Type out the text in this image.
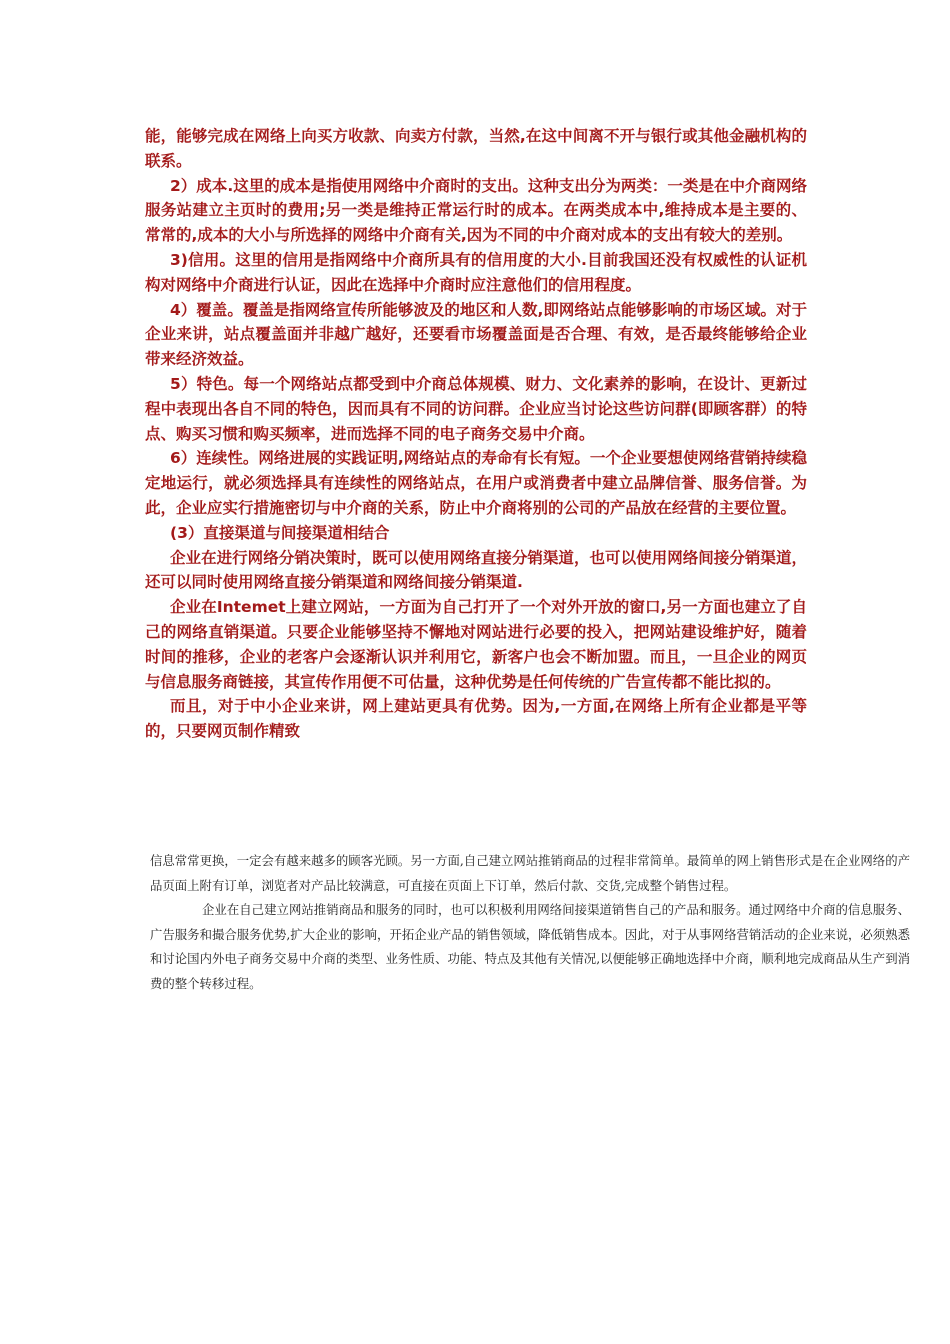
能，能够完成在网络上向买方收款、向卖方付款，当然,在这中间离不开与银行或其他金融机构的联系。

2）成本.这里的成本是指使用网络中介商时的支出。这种支出分为两类：一类是在中介商网络服务站建立主页时的费用;另一类是维持正常运行时的成本。在两类成本中,维持成本是主要的、常常的,成本的大小与所选择的网络中介商有关,因为不同的中介商对成本的支出有较大的差别。

3)信用。这里的信用是指网络中介商所具有的信用度的大小.目前我国还没有权威性的认证机构对网络中介商进行认证，因此在选择中介商时应注意他们的信用程度。

4）覆盖。覆盖是指网络宣传所能够波及的地区和人数,即网络站点能够影响的市场区域。对于企业来讲，站点覆盖面并非越广越好，还要看市场覆盖面是否合理、有效，是否最终能够给企业带来经济效益。

5）特色。每一个网络站点都受到中介商总体规模、财力、文化素养的影响，在设计、更新过程中表现出各自不同的特色，因而具有不同的访问群。企业应当讨论这些访问群(即顾客群）的特点、购买习惯和购买频率，进而选择不同的电子商务交易中介商。

6）连续性。网络进展的实践证明,网络站点的寿命有长有短。一个企业要想使网络营销持续稳定地运行，就必须选择具有连续性的网络站点，在用户或消费者中建立品牌信誉、服务信誉。为此，企业应实行措施密切与中介商的关系，防止中介商将别的公司的产品放在经营的主要位置。

(3）直接渠道与间接渠道相结合

企业在进行网络分销决策时，既可以使用网络直接分销渠道，也可以使用网络间接分销渠道，还可以同时使用网络直接分销渠道和网络间接分销渠道.

企业在Intemet上建立网站，一方面为自己打开了一个对外开放的窗口,另一方面也建立了自己的网络直销渠道。只要企业能够坚持不懈地对网站进行必要的投入，把网站建设维护好，随着时间的推移，企业的老客户会逐渐认识并利用它，新客户也会不断加盟。而且，一旦企业的网页与信息服务商链接，其宣传作用便不可估量，这种优势是任何传统的广告宣传都不能比拟的。

而且，对于中小企业来讲，网上建站更具有优势。因为,一方面,在网络上所有企业都是平等的，只要网页制作精致

信息常常更换，一定会有越来越多的顾客光顾。另一方面,自己建立网站推销商品的过程非常简单。最简单的网上销售形式是在企业网络的产品页面上附有订单，浏览者对产品比较满意，可直接在页面上下订单，然后付款、交货,完成整个销售过程。

企业在自己建立网站推销商品和服务的同时，也可以积极利用网络间接渠道销售自己的产品和服务。通过网络中介商的信息服务、广告服务和撮合服务优势,扩大企业的影响，开拓企业产品的销售领域，降低销售成本。因此，对于从事网络营销活动的企业来说，必须熟悉和讨论国内外电子商务交易中介商的类型、业务性质、功能、特点及其他有关情况,以便能够正确地选择中介商，顺利地完成商品从生产到消费的整个转移过程。
